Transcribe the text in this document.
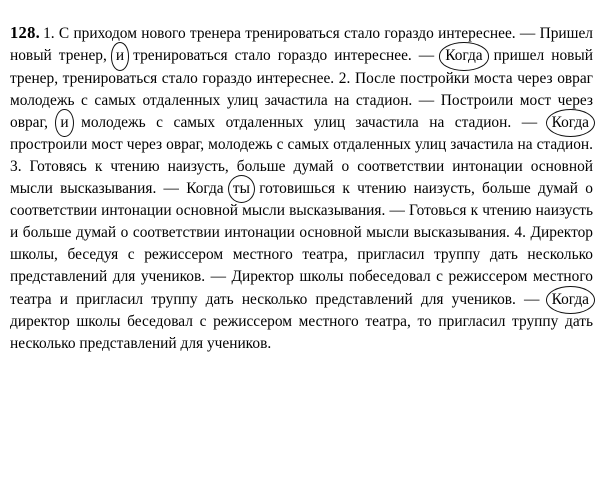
128. 1. С приходом нового тренера тренироваться стало гораздо интереснее. — Пришел новый тренер, и тренироваться стало гораздо интереснее. — Когда пришел новый тренер, тренироваться стало гораздо интереснее. 2. После постройки моста через овраг молодежь с самых отдаленных улиц зачастила на стадион. — Построили мост через овраг, и молодежь с самых отдаленных улиц зачастила на стадион. — Когда простроили мост через овраг, молодежь с самых отдаленных улиц зачастила на стадион. 3. Готовясь к чтению наизусть, больше думай о соответствии интонации основной мысли высказывания. — Когда ты готовишься к чтению наизусть, больше думай о соответствии интонации основной мысли высказывания. — Готовься к чтению наизусть и больше думай о соответствии интонации основной мысли высказывания. 4. Директор школы, беседуя с режиссером местного театра, пригласил труппу дать несколько представлений для учеников. — Директор школы побеседовал с режиссером местного театра и пригласил труппу дать несколько представлений для учеников. — Когда директор школы беседовал с режиссером местного театра, то пригласил труппу дать несколько представлений для учеников.
